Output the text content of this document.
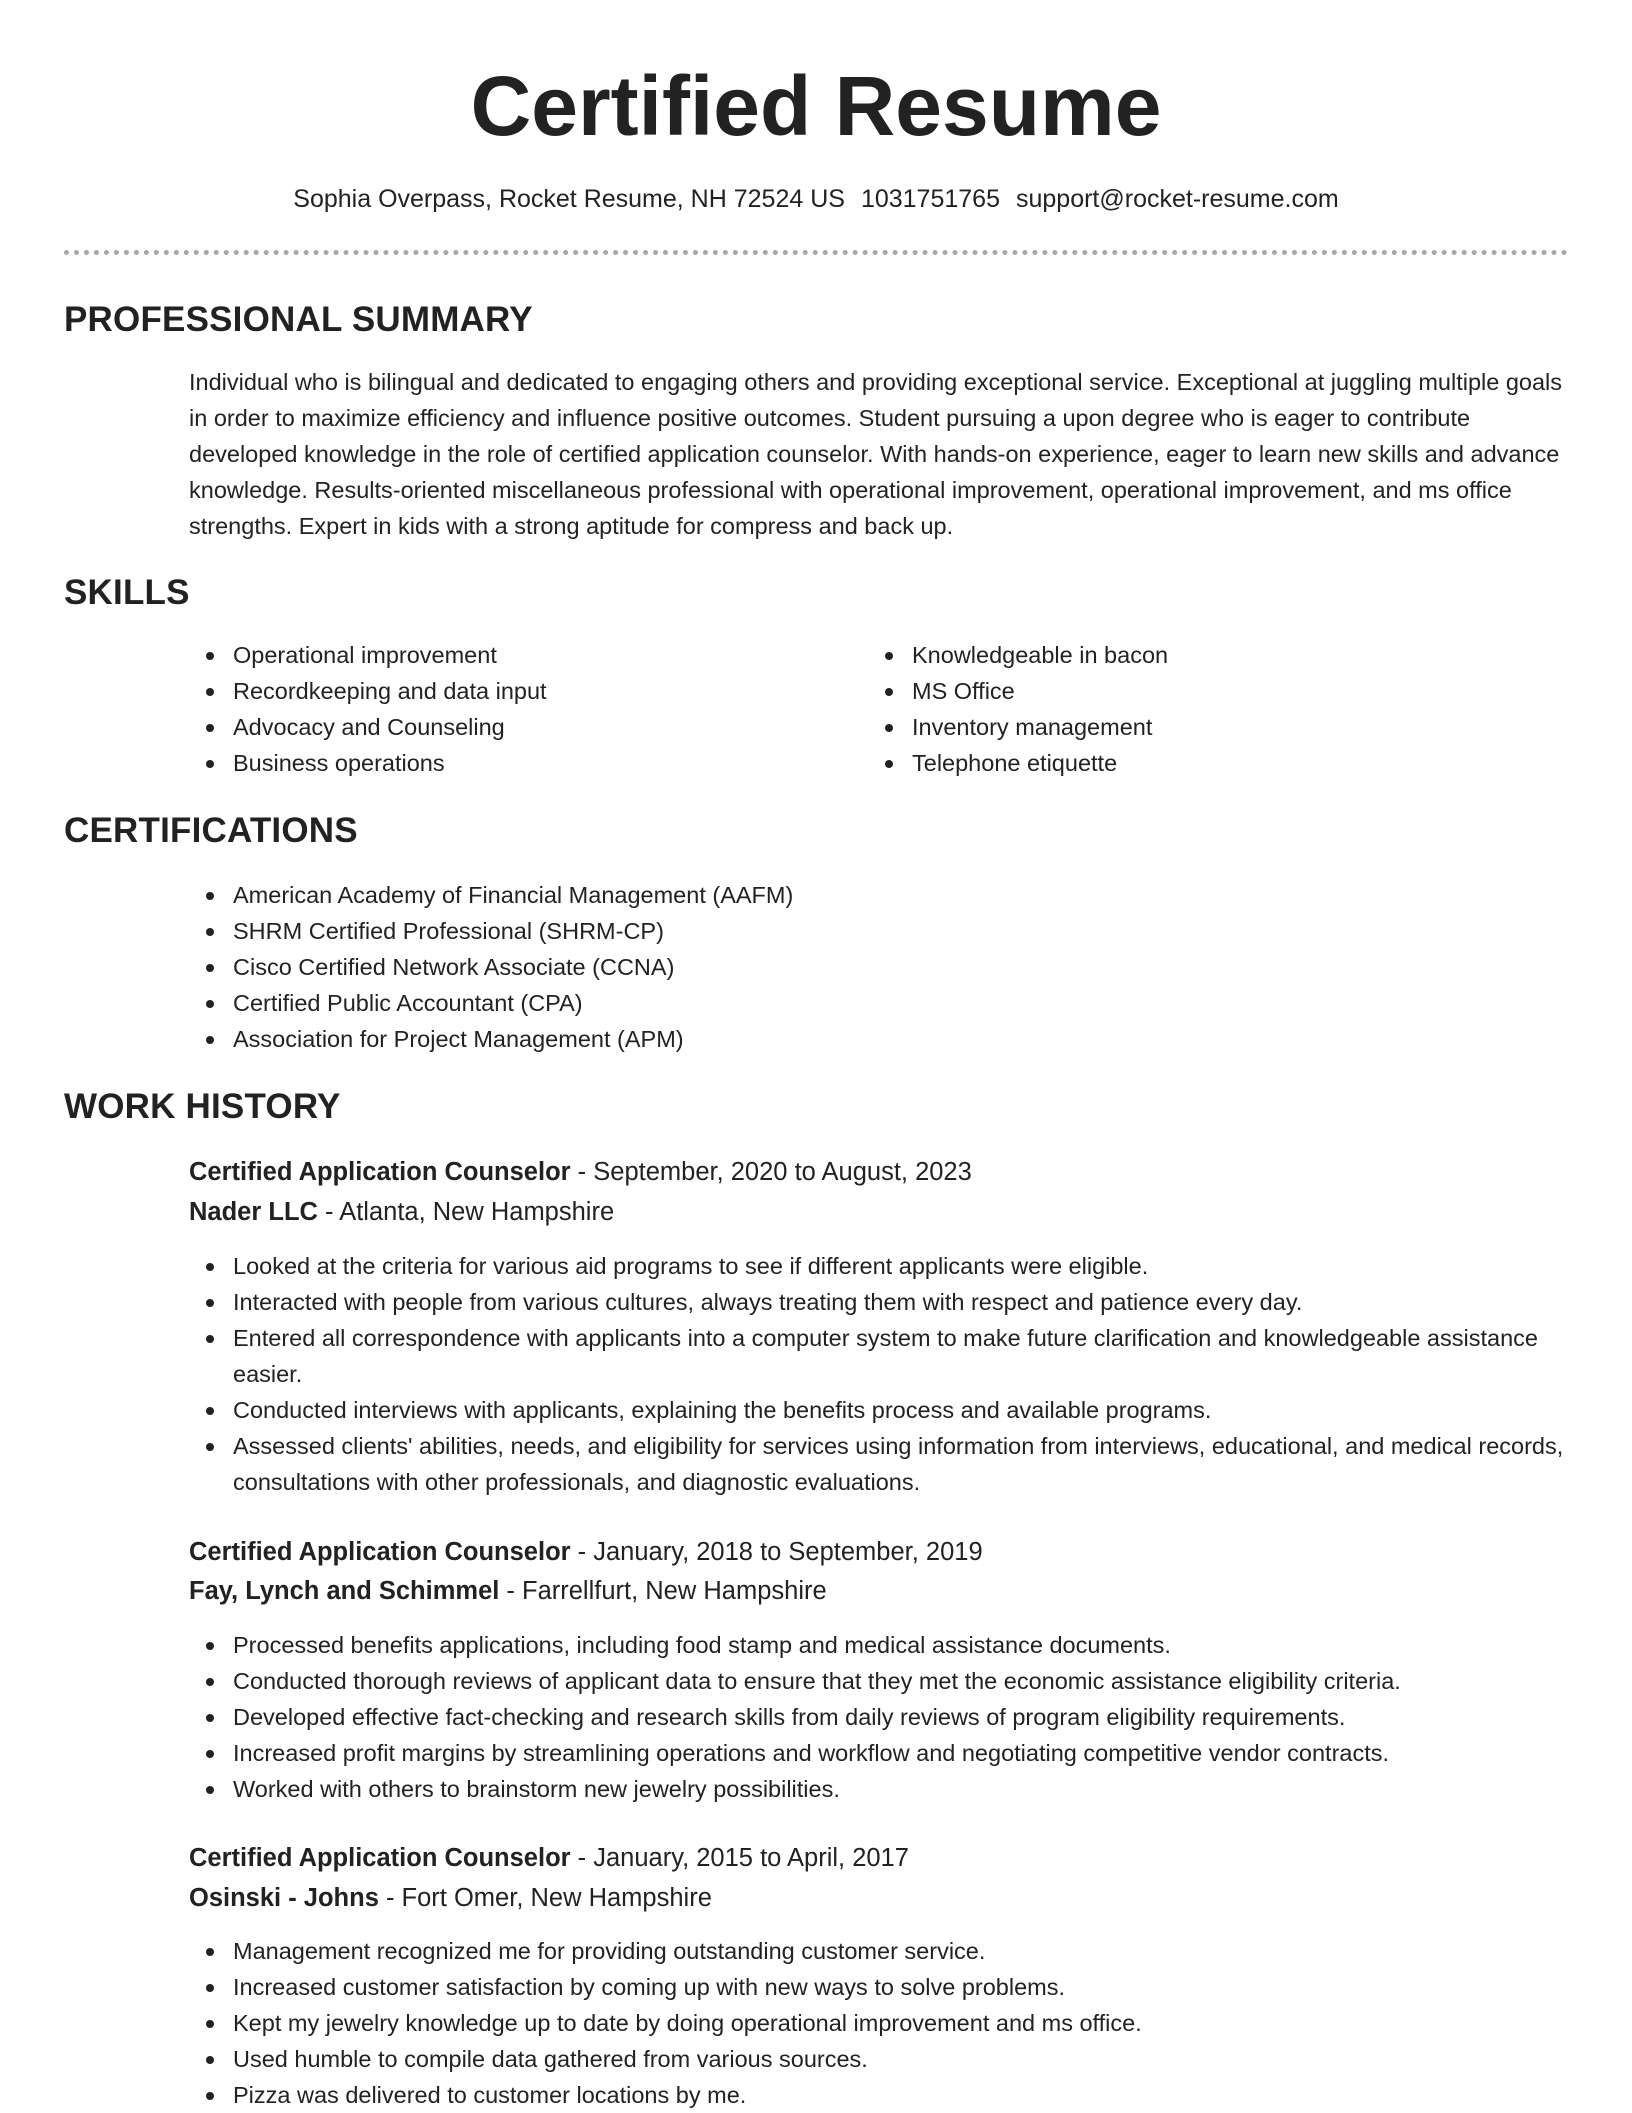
Certified Resume
Sophia Overpass, Rocket Resume, NH 72524 US 1031751765 support@rocket-resume.com
PROFESSIONAL SUMMARY

Individual who is bilingual and dedicated to engaging others and providing exceptional service. Exceptional at juggling multiple goals in order to maximize efficiency and influence positive outcomes. Student pursuing a upon degree who is eager to contribute developed knowledge in the role of certified application counselor. With hands-on experience, eager to learn new skills and advance knowledge. Results-oriented miscellaneous professional with operational improvement, operational improvement, and ms office strengths. Expert in kids with a strong aptitude for compress and back up.

SKILLS
Operational improvement
Recordkeeping and data input
Advocacy and Counseling
Business operations
Knowledgeable in bacon
MS Office
Inventory management
Telephone etiquette
CERTIFICATIONS
American Academy of Financial Management (AAFM)
SHRM Certified Professional (SHRM-CP)
Cisco Certified Network Associate (CCNA)
Certified Public Accountant (CPA)
Association for Project Management (APM)
WORK HISTORY
Certified Application Counselor - September, 2020 to August, 2023
Nader LLC - Atlanta, New Hampshire
Looked at the criteria for various aid programs to see if different applicants were eligible.
Interacted with people from various cultures, always treating them with respect and patience every day.
Entered all correspondence with applicants into a computer system to make future clarification and knowledgeable assistance easier.
Conducted interviews with applicants, explaining the benefits process and available programs.
Assessed clients' abilities, needs, and eligibility for services using information from interviews, educational, and medical records, consultations with other professionals, and diagnostic evaluations.
Certified Application Counselor - January, 2018 to September, 2019
Fay, Lynch and Schimmel - Farrellfurt, New Hampshire
Processed benefits applications, including food stamp and medical assistance documents.
Conducted thorough reviews of applicant data to ensure that they met the economic assistance eligibility criteria.
Developed effective fact-checking and research skills from daily reviews of program eligibility requirements.
Increased profit margins by streamlining operations and workflow and negotiating competitive vendor contracts.
Worked with others to brainstorm new jewelry possibilities.
Certified Application Counselor - January, 2015 to April, 2017
Osinski - Johns - Fort Omer, New Hampshire
Management recognized me for providing outstanding customer service.
Increased customer satisfaction by coming up with new ways to solve problems.
Kept my jewelry knowledge up to date by doing operational improvement and ms office.
Used humble to compile data gathered from various sources.
Pizza was delivered to customer locations by me.
